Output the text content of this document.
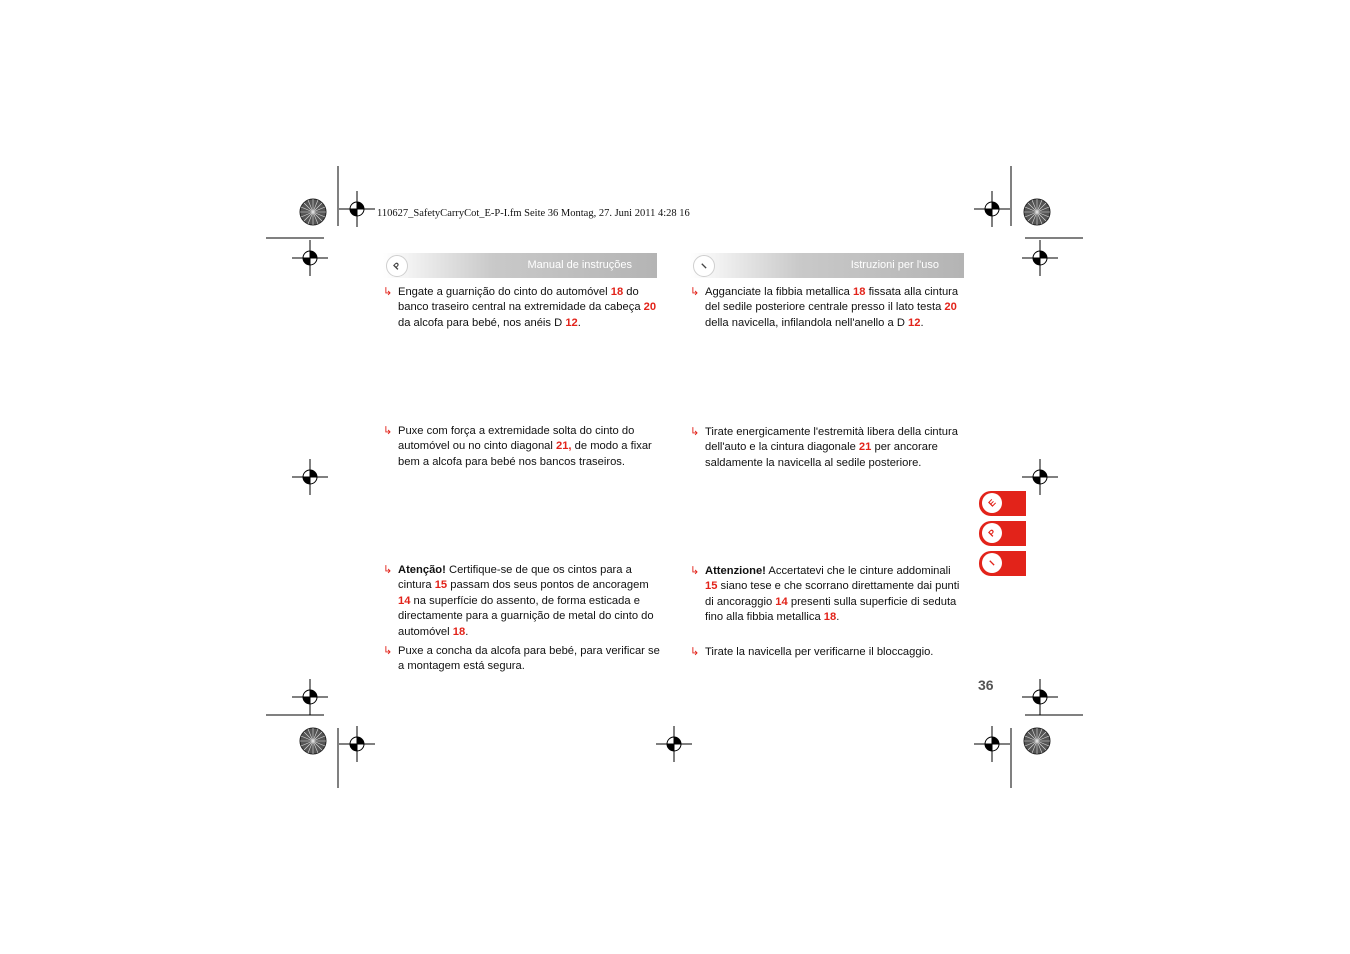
110627_SafetyCarryCot_E-P-I.fm Seite 36 Montag, 27. Juni 2011 4:28 16
P	Manual de instruções
↳ Engate a guarnição do cinto do automóvel 18 do banco traseiro central na extremidade da cabeça 20 da alcofa para bebé, nos anéis D 12.
↳ Puxe com força a extremidade solta do cinto do automóvel ou no cinto diagonal 21, de modo a fixar bem a alcofa para bebé nos bancos traseiros.
↳ Atenção! Certifique-se de que os cintos para a cintura 15 passam dos seus pontos de ancoragem 14 na superfície do assento, de forma esticada e directamente para a guarnição de metal do cinto do automóvel 18.
↳ Puxe a concha da alcofa para bebé, para verificar se a montagem está segura.
I	Istruzioni per l'uso
↳ Agganciate la fibbia metallica 18 fissata alla cintura del sedile posteriore centrale presso il lato testa 20 della navicella, infilandola nell'anello a D 12.
↳ Tirate energicamente l'estremità libera della cintura dell'auto e la cintura diagonale 21 per ancorare saldamente la navicella al sedile posteriore.
↳ Attenzione! Accertatevi che le cinture addominali 15 siano tese e che scorrano direttamente dai punti di ancoraggio 14 presenti sulla superficie di seduta fino alla fibbia metallica 18.
↳ Tirate la navicella per verificarne il bloccaggio.
E
P
I
36
